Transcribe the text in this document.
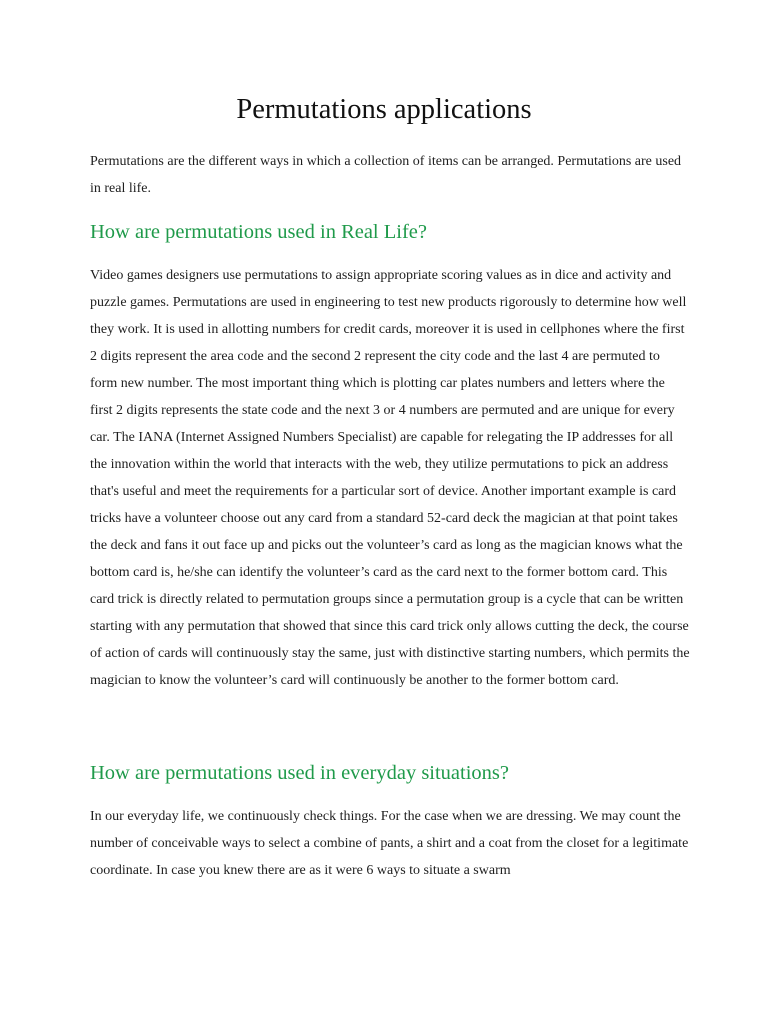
Permutations applications

Permutations are the different ways in which a collection of items can be arranged. Permutations are used in real life.

How are permutations used in Real Life?

Video games designers use permutations to assign appropriate scoring values as in dice and activity and puzzle games. Permutations are used in engineering to test new products rigorously to determine how well they work. It is used in allotting numbers for credit cards, moreover it is used in cellphones where the first 2 digits represent the area code and the second 2 represent the city code and the last 4 are permuted to form new number. The most important thing which is plotting car plates numbers and letters where the first 2 digits represents the state code and the next 3 or 4 numbers are permuted and are unique for every car. The IANA (Internet Assigned Numbers Specialist) are capable for relegating the IP addresses for all the innovation within the world that interacts with the web, they utilize permutations to pick an address that's useful and meet the requirements for a particular sort of device. Another important example is card tricks have a volunteer choose out any card from a standard 52-card deck the magician at that point takes the deck and fans it out face up and picks out the volunteer’s card as long as the magician knows what the bottom card is, he/she can identify the volunteer’s card as the card next to the former bottom card. This card trick is directly related to permutation groups since a permutation group is a cycle that can be written starting with any permutation that showed that since this card trick only allows cutting the deck, the course of action of cards will continuously stay the same, just with distinctive starting numbers, which permits the magician to know the volunteer’s card will continuously be another to the former bottom card.

How are permutations used in everyday situations?

In our everyday life, we continuously check things. For the case when we are dressing. We may count the number of conceivable ways to select a combine of pants, a shirt and a coat from the closet for a legitimate coordinate. In case you knew there are as it were 6 ways to situate a swarm
